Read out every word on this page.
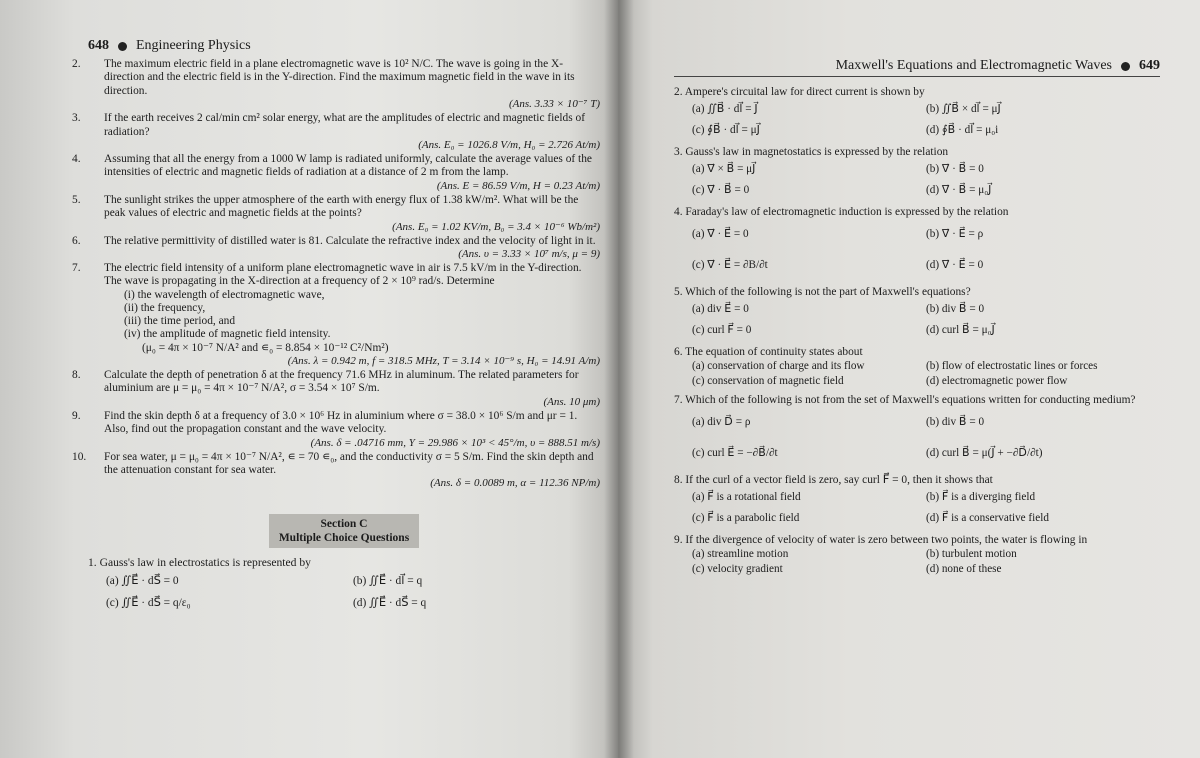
648 Engineering Physics
2. The maximum electric field in a plane electromagnetic wave is 10² N/C. The wave is going in the X-direction and the electric field is in the Y-direction. Find the maximum magnetic field in the wave in its direction.
(Ans. 3.33 × 10⁻⁷ T)
3. If the earth receives 2 cal/min cm² solar energy, what are the amplitudes of electric and magnetic fields of radiation?
(Ans. E₀ = 1026.8 V/m, H₀ = 2.726 At/m)
4. Assuming that all the energy from a 1000 W lamp is radiated uniformly, calculate the average values of the intensities of electric and magnetic fields of radiation at a distance of 2 m from the lamp.
(Ans. E = 86.59 V/m, H = 0.23 At/m)
5. The sunlight strikes the upper atmosphere of the earth with energy flux of 1.38 kW/m². What will be the peak values of electric and magnetic fields at the points?
(Ans. E₀ = 1.02 KV/m, B₀ = 3.4 × 10⁻⁶ Wb/m²)
6. The relative permittivity of distilled water is 81. Calculate the refractive index and the velocity of light in it.
(Ans. υ = 3.33 × 10⁷ m/s, μ = 9)
7. The electric field intensity of a uniform plane electromagnetic wave in air is 7.5 kV/m in the Y-direction. The wave is propagating in the X-direction at a frequency of 2 × 10⁹ rad/s. Determine
(i) the wavelength of electromagnetic wave,
(ii) the frequency,
(iii) the time period, and
(iv) the amplitude of magnetic field intensity.
(μ₀ = 4π × 10⁻⁷ N/A² and ∊₀ = 8.854 × 10⁻¹² C²/Nm²)
(Ans. λ = 0.942 m, f = 318.5 MHz, T = 3.14 × 10⁻⁹ s, H₀ = 14.91 A/m)
8. Calculate the depth of penetration δ at the frequency 71.6 MHz in aluminum. The related parameters for aluminium are μ = μ₀ = 4π × 10⁻⁷ N/A², σ = 3.54 × 10⁷ S/m.
(Ans. 10 μm)
9. Find the skin depth δ at a frequency of 3.0 × 10⁶ Hz in aluminium where σ = 38.0 × 10⁶ S/m and μr = 1. Also, find out the propagation constant and the wave velocity.
(Ans. δ = .04716 mm, Υ = 29.986 × 10³ < 45°/m, υ = 888.51 m/s)
10. For sea water, μ = μ₀ = 4π × 10⁻⁷ N/A², ∊ = 70 ∊₀, and the conductivity σ = 5 S/m. Find the skin depth and the attenuation constant for sea water.
(Ans. δ = 0.0089 m, α = 112.36 NP/m)
Section C
Multiple Choice Questions
1. Gauss's law in electrostatics is represented by
(a) ∬E⃗ · dS⃗ = 0	(b) ∬E⃗ · dl⃗ = q
(c) ∬E⃗ · dS⃗ = q/ε₀	(d) ∬E⃗ · dS⃗ = q
Maxwell's Equations and Electromagnetic Waves 649
2. Ampere's circuital law for direct current is shown by
(a) ∬B⃗ · dl⃗ = J⃗	(b) ∬B⃗ × dl⃗ = μJ⃗
(c) ∮B⃗ · dl⃗ = μJ⃗	(d) ∮B⃗ · dl⃗ = μ₀i
3. Gauss's law in magnetostatics is expressed by the relation
(a) ∇⃗ × B⃗ = μJ⃗	(b) ∇⃗ · B⃗ = 0
(c) ∇⃗ · B⃗ = 0	(d) ∇⃗ · B⃗ = μ₀J⃗
4. Faraday's law of electromagnetic induction is expressed by the relation
(a) ∇⃗ · E⃗ = 0	(b) ∇⃗ · E⃗ = ρ
(c) ∇⃗ · E⃗ = ∂B/∂t	(d) ∇⃗ · E⃗ = 0
5. Which of the following is not the part of Maxwell's equations?
(a) div E⃗ = 0	(b) div B⃗ = 0
(c) curl F⃗ = 0	(d) curl B⃗ = μ₀J⃗
6. The equation of continuity states about
(a) conservation of charge and its flow	(b) flow of electrostatic lines or forces
(c) conservation of magnetic field	(d) electromagnetic power flow
7. Which of the following is not from the set of Maxwell's equations written for conducting medium?
(a) div D⃗ = ρ	(b) div B⃗ = 0
(c) curl E⃗ = −∂B⃗/∂t	(d) curl B⃗ = μ(J⃗ + −∂D⃗/∂t)
8. If the curl of a vector field is zero, say curl F⃗ = 0, then it shows that
(a) F⃗ is a rotational field	(b) F⃗ is a diverging field
(c) F⃗ is a parabolic field	(d) F⃗ is a conservative field
9. If the divergence of velocity of water is zero between two points, the water is flowing in
(a) streamline motion	(b) turbulent motion
(c) velocity gradient	(d) none of these
